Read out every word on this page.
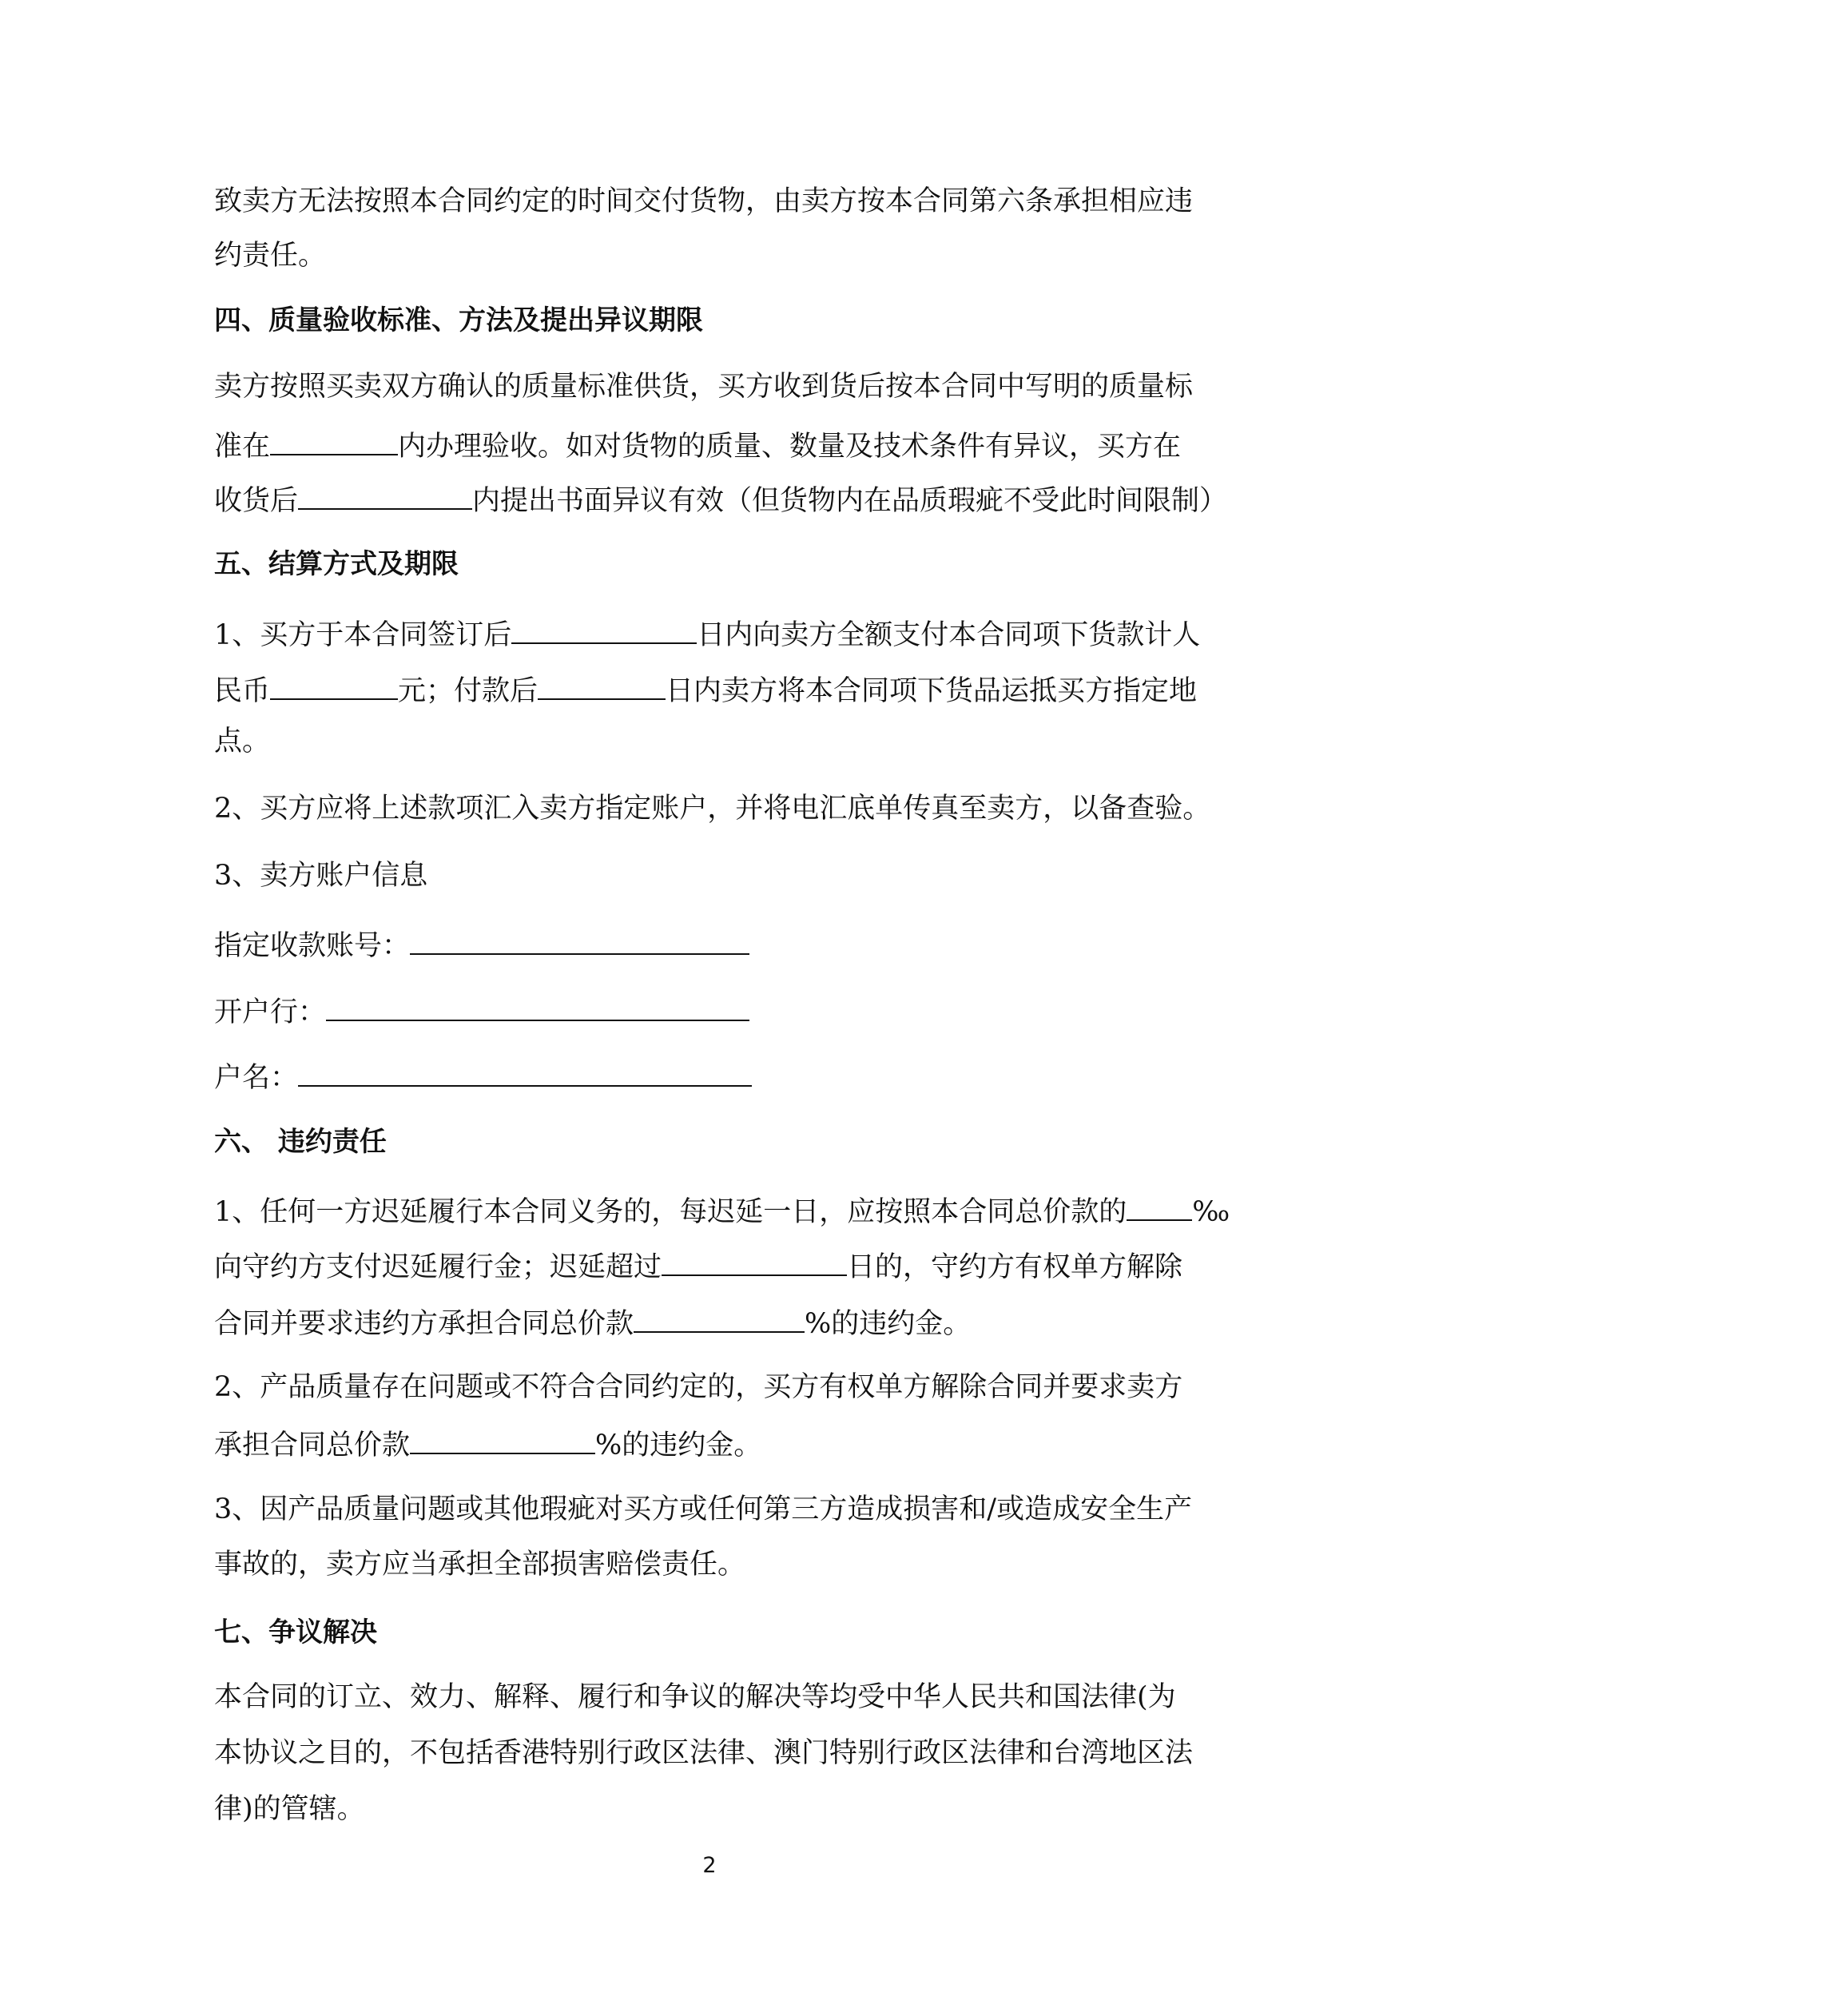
致卖方无法按照本合同约定的时间交付货物，由卖方按本合同第六条承担相应违
约责任。
四、质量验收标准、方法及提出异议期限
卖方按照买卖双方确认的质量标准供货，买方收到货后按本合同中写明的质量标
准在	内办理验收。如对货物的质量、数量及技术条件有异议，买方在
收货后	内提出书面异议有效（但货物内在品质瑕疵不受此时间限制）
五、结算方式及期限
1、买方于本合同签订后	日内向卖方全额支付本合同项下货款计人
民币	元；付款后	日内卖方将本合同项下货品运抵买方指定地
点。
2、买方应将上述款项汇入卖方指定账户，并将电汇底单传真至卖方，以备查验。
3、卖方账户信息
指定收款账号：
开户行：
户名：
六、 违约责任
1、任何一方迟延履行本合同义务的，每迟延一日，应按照本合同总价款的 ‰
向守约方支付迟延履行金；迟延超过	日的，守约方有权单方解除
合同并要求违约方承担合同总价款	%的违约金。
2、产品质量存在问题或不符合合同约定的，买方有权单方解除合同并要求卖方
承担合同总价款	%的违约金。
3、因产品质量问题或其他瑕疵对买方或任何第三方造成损害和/或造成安全生产
事故的，卖方应当承担全部损害赔偿责任。
七、争议解决
本合同的订立、效力、解释、履行和争议的解决等均受中华人民共和国法律(为
本协议之目的，不包括香港特别行政区法律、澳门特别行政区法律和台湾地区法
律)的管辖。
2
